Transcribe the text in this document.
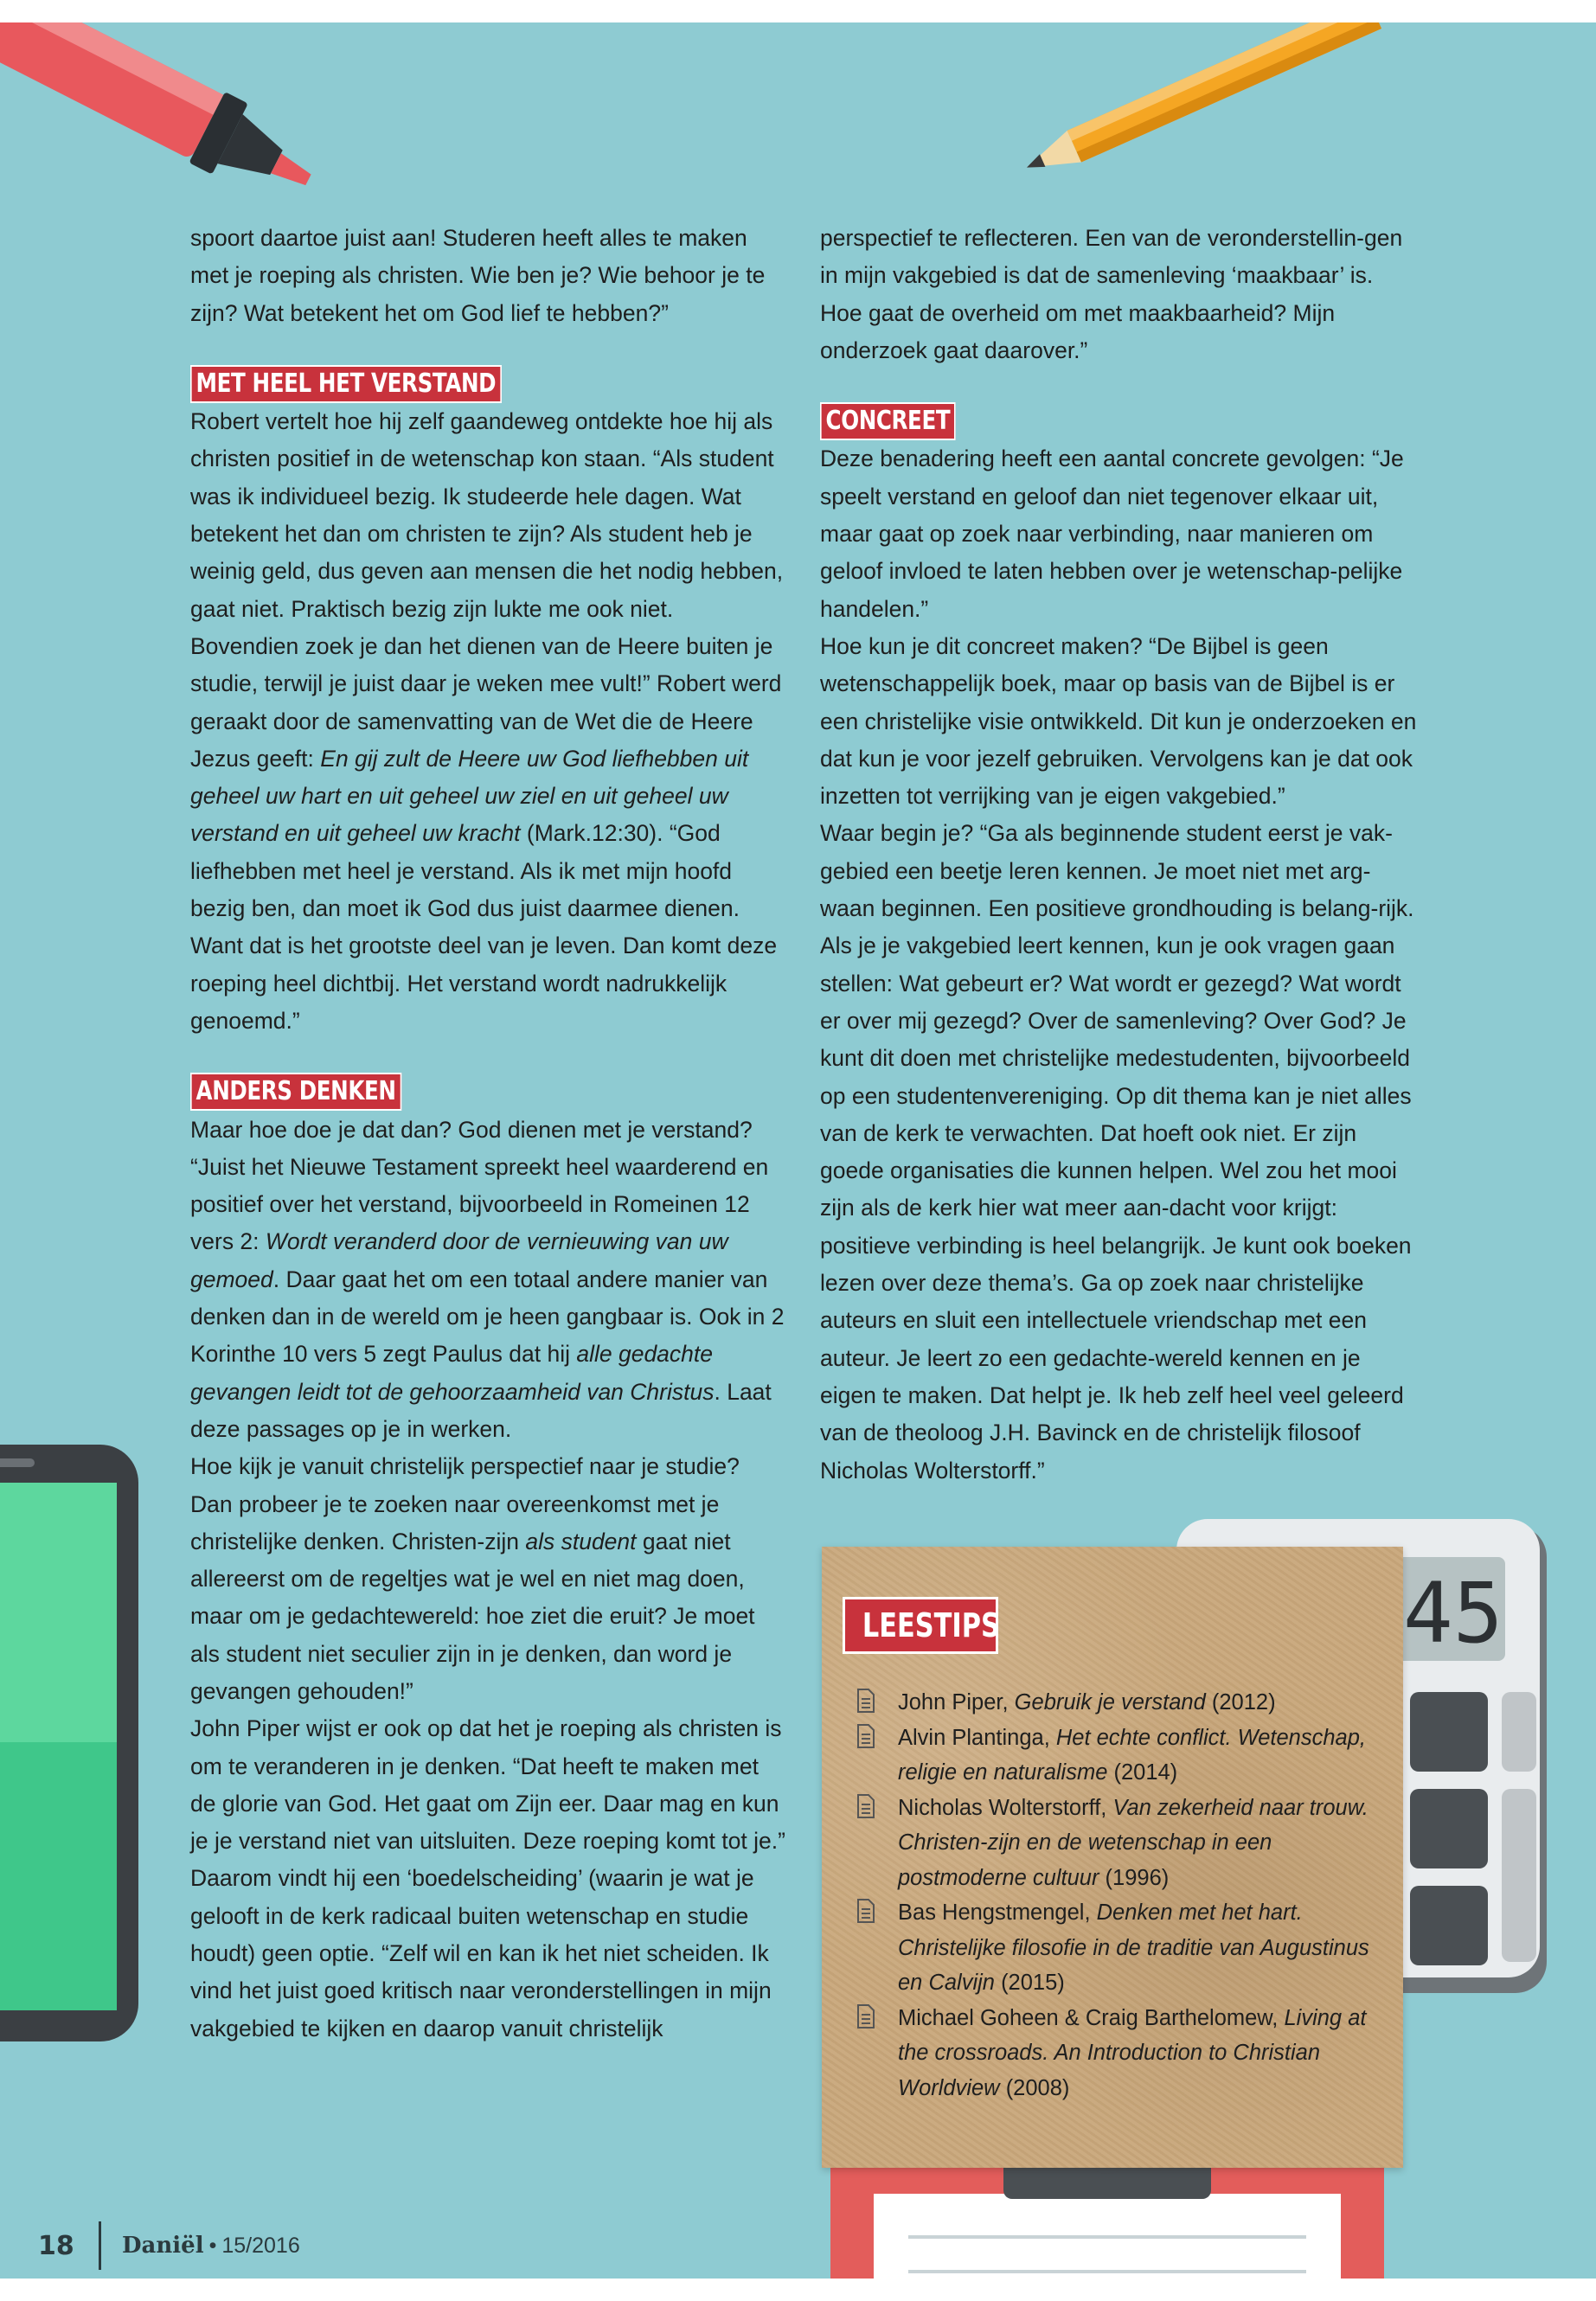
45

spoort daartoe juist aan! Studeren heeft alles te maken met je roeping als christen. Wie ben je? Wie behoor je te zijn? Wat betekent het om God lief te hebben?”

MET HEEL HET VERSTAND

Robert vertelt hoe hij zelf gaandeweg ontdekte hoe hij als christen positief in de wetenschap kon staan. “Als student was ik individueel bezig. Ik studeerde hele dagen. Wat betekent het dan om christen te zijn? Als student heb je weinig geld, dus geven aan mensen die het nodig hebben, gaat niet. Praktisch bezig zijn lukte me ook niet. Bovendien zoek je dan het dienen van de Heere buiten je studie, terwijl je juist daar je weken mee vult!” Robert werd geraakt door de samenvatting van de Wet die de Heere Jezus geeft: En gij zult de Heere uw God liefhebben uit geheel uw hart en uit geheel uw ziel en uit geheel uw verstand en uit geheel uw kracht (Mark.12:30). “God liefhebben met heel je verstand. Als ik met mijn hoofd bezig ben, dan moet ik God dus juist daarmee dienen. Want dat is het grootste deel van je leven. Dan komt deze roeping heel dichtbij. Het verstand wordt nadrukkelijk genoemd.”

ANDERS DENKEN

Maar hoe doe je dat dan? God dienen met je verstand? “Juist het Nieuwe Testament spreekt heel waarderend en positief over het verstand, bijvoorbeeld in Romeinen 12 vers 2: Wordt veranderd door de vernieuwing van uw gemoed. Daar gaat het om een totaal andere manier van denken dan in de wereld om je heen gangbaar is. Ook in 2 Korinthe 10 vers 5 zegt Paulus dat hij alle gedachte gevangen leidt tot de gehoorzaamheid van Christus. Laat deze passages op je in werken.

Hoe kijk je vanuit christelijk perspectief naar je studie? Dan probeer je te zoeken naar overeenkomst met je christelijke denken. Christen-zijn als student gaat niet allereerst om de regeltjes wat je wel en niet mag doen, maar om je gedachtewereld: hoe ziet die eruit? Je moet als student niet seculier zijn in je denken, dan word je gevangen gehouden!”

John Piper wijst er ook op dat het je roeping als christen is om te veranderen in je denken. “Dat heeft te maken met de glorie van God. Het gaat om Zijn eer. Daar mag en kun je je verstand niet van uitsluiten. Deze roeping komt tot je.”

Daarom vindt hij een ‘boedelscheiding’ (waarin je wat je gelooft in de kerk radicaal buiten wetenschap en studie houdt) geen optie. “Zelf wil en kan ik het niet scheiden. Ik vind het juist goed kritisch naar veronderstellingen in mijn vakgebied te kijken en daarop vanuit christelijk

perspectief te reflecteren. Een van de veronderstellin-gen in mijn vakgebied is dat de samenleving ‘maakbaar’ is. Hoe gaat de overheid om met maakbaarheid? Mijn onderzoek gaat daarover.”

CONCREET

Deze benadering heeft een aantal concrete gevolgen: “Je speelt verstand en geloof dan niet tegenover elkaar uit, maar gaat op zoek naar verbinding, naar manieren om geloof invloed te laten hebben over je wetenschap-pelijke handelen.”

Hoe kun je dit concreet maken? “De Bijbel is geen wetenschappelijk boek, maar op basis van de Bijbel is er een christelijke visie ontwikkeld. Dit kun je onderzoeken en dat kun je voor jezelf gebruiken. Vervolgens kan je dat ook inzetten tot verrijking van je eigen vakgebied.”

Waar begin je? “Ga als beginnende student eerst je vak-gebied een beetje leren kennen. Je moet niet met arg-waan beginnen. Een positieve grondhouding is belang-rijk. Als je je vakgebied leert kennen, kun je ook vragen gaan stellen: Wat gebeurt er? Wat wordt er gezegd? Wat wordt er over mij gezegd? Over de samenleving? Over God? Je kunt dit doen met christelijke medestudenten, bijvoorbeeld op een studentenvereniging. Op dit thema kan je niet alles van de kerk te verwachten. Dat hoeft ook niet. Er zijn goede organisaties die kunnen helpen. Wel zou het mooi zijn als de kerk hier wat meer aan-dacht voor krijgt: positieve verbinding is heel belangrijk. Je kunt ook boeken lezen over deze thema’s. Ga op zoek naar christelijke auteurs en sluit een intellectuele vriendschap met een auteur. Je leert zo een gedachte-wereld kennen en je eigen te maken. Dat helpt je. Ik heb zelf heel veel geleerd van de theoloog J.H. Bavinck en de christelijk filosoof Nicholas Wolterstorff.”

LEESTIPS
John Piper, Gebruik je verstand (2012)
Alvin Plantinga, Het echte conflict. Wetenschap, religie en naturalisme (2014)
Nicholas Wolterstorff, Van zekerheid naar trouw. Christen-zijn en de wetenschap in een postmoderne cultuur (1996)
Bas Hengstmengel, Denken met het hart. Christelijke filosofie in de traditie van Augustinus en Calvijn (2015)
Michael Goheen & Craig Barthelomew, Living at the crossroads. An Introduction to Christian Worldview (2008)
18	Daniël • 15/2016
